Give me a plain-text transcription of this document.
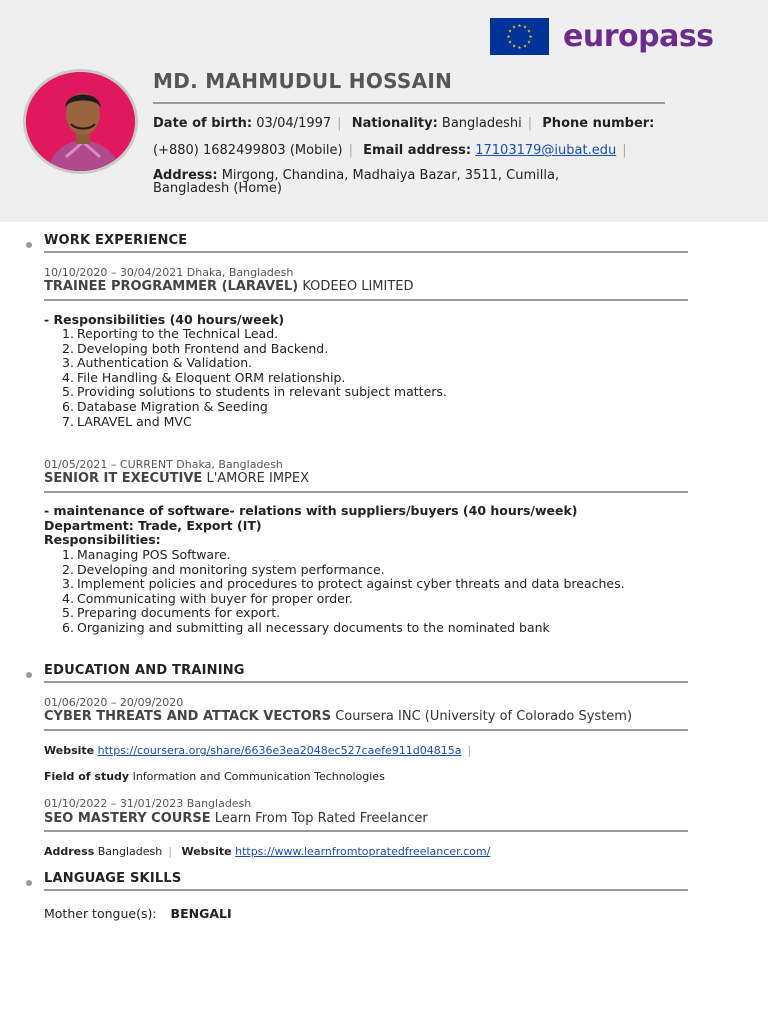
★ ★
★
★
★
★
★
★
★
★
★
★ europass
MD. MAHMUDUL HOSSAIN
Date of birth: 03/04/1997 | Nationality: Bangladeshi | Phone number:
(+880) 1682499803 (Mobile) | Email address: 17103179@iubat.edu |
Address: Mirgong, Chandina, Madhaiya Bazar, 3511, Cumilla, Bangladesh (Home)
WORK EXPERIENCE
10/10/2020 – 30/04/2021 Dhaka, Bangladesh
TRAINEE PROGRAMMER (LARAVEL) KODEEO LIMITED
- Responsibilities (40 hours/week)
1. Reporting to the Technical Lead.
2. Developing both Frontend and Backend.
3. Authentication & Validation.
4. File Handling & Eloquent ORM relationship.
5. Providing solutions to students in relevant subject matters.
6. Database Migration & Seeding
7. LARAVEL and MVC
01/05/2021 – CURRENT Dhaka, Bangladesh
SENIOR IT EXECUTIVE L'AMORE IMPEX
- maintenance of software- relations with suppliers/buyers (40 hours/week)
Department: Trade, Export (IT)
Responsibilities:
1. Managing POS Software.
2. Developing and monitoring system performance.
3. Implement policies and procedures to protect against cyber threats and data breaches.
4. Communicating with buyer for proper order.
5. Preparing documents for export.
6. Organizing and submitting all necessary documents to the nominated bank
EDUCATION AND TRAINING
01/06/2020 – 20/09/2020
CYBER THREATS AND ATTACK VECTORS Coursera INC (University of Colorado System)
Website https://coursera.org/share/6636e3ea2048ec527caefe911d04815a |
Field of study Information and Communication Technologies
01/10/2022 – 31/01/2023 Bangladesh
SEO MASTERY COURSE Learn From Top Rated Freelancer
Address Bangladesh | Website https://www.learnfromtopratedfreelancer.com/
LANGUAGE SKILLS
Mother tongue(s): BENGALI
